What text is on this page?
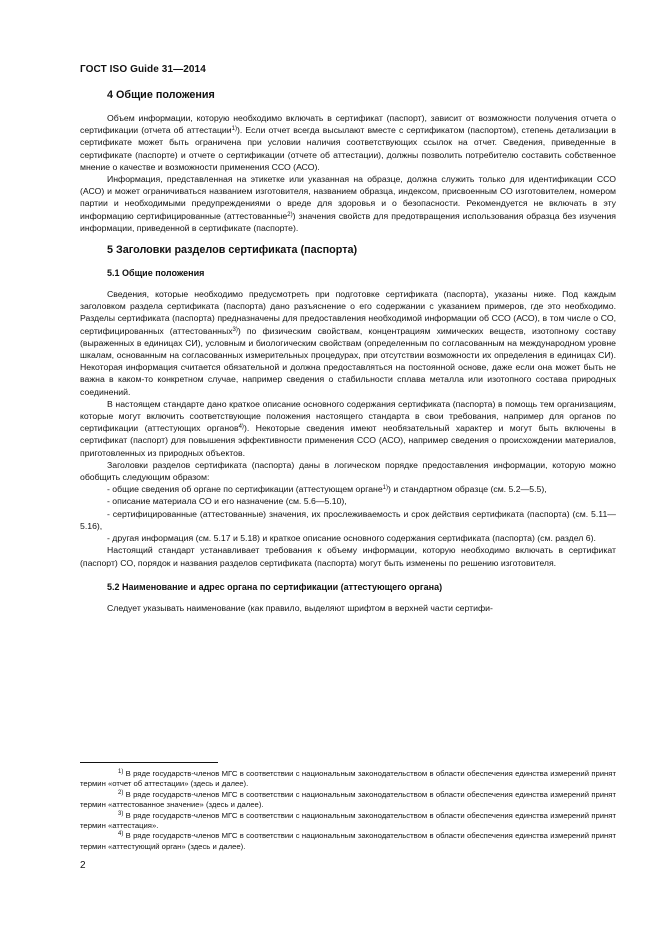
ГОСТ ISO Guide 31—2014
4 Общие положения

Объем информации, которую необходимо включать в сертификат (паспорт), зависит от возможности получения отчета о сертификации (отчета об аттестации$^{1)}$). Если отчет всегда высылают вместе с сертификатом (паспортом), степень детализации в сертификате может быть ограничена при условии наличия соответствующих ссылок на отчет. Сведения, приведенные в сертификате (паспорте) и отчете о сертификации (отчете об аттестации), должны позволить потребителю составить собственное мнение о качестве и возможности применения ССО (АСО).

Информация, представленная на этикетке или указанная на образце, должна служить только для идентификации ССО (АСО) и может ограничиваться названием изготовителя, названием образца, индексом, присвоенным СО изготовителем, номером партии и необходимыми предупреждениями о вреде для здоровья и о безопасности. Рекомендуется не включать в эту информацию сертифицированные (аттестованные$^{2)}$) значения свойств для предотвращения использования образца без изучения информации, приведенной в сертификате (паспорте).

5 Заголовки разделов сертификата (паспорта)
5.1 Общие положения

Сведения, которые необходимо предусмотреть при подготовке сертификата (паспорта), указаны ниже. Под каждым заголовком раздела сертификата (паспорта) дано разъяснение о его содержании с указанием примеров, где это необходимо. Разделы сертификата (паспорта) предназначены для предоставления необходимой информации об ССО (АСО), в том числе о СО, сертифицированных (аттестованных$^{3)}$) по физическим свойствам, концентрациям химических веществ, изотопному составу (выраженных в единицах СИ), условным и биологическим свойствам (определенным по согласованным на международном уровне шкалам, основанным на согласованных измерительных процедурах, при отсутствии возможности их определения в единицах СИ). Некоторая информация считается обязательной и должна предоставляться на постоянной основе, даже если она может быть не важна в каком-то конкретном случае, например сведения о стабильности сплава металла или изотопного состава природных соединений.

В настоящем стандарте дано краткое описание основного содержания сертификата (паспорта) в помощь тем организациям, которые могут включить соответствующие положения настоящего стандарта в свои требования, например для органов по сертификации (аттестующих органов$^{4)}$). Некоторые сведения имеют необязательный характер и могут быть включены в сертификат (паспорт) для повышения эффективности применения ССО (АСО), например сведения о происхождении материалов, приготовленных из природных объектов.

Заголовки разделов сертификата (паспорта) даны в логическом порядке предоставления информации, которую можно обобщить следующим образом:

- общие сведения об органе по сертификации (аттестующем органе$^{1)}$) и стандартном образце (см. 5.2—5.5),

- описание материала СО и его назначение (см. 5.6—5.10),

- сертифицированные (аттестованные) значения, их прослеживаемость и срок действия сертификата (паспорта) (см. 5.11—5.16),

- другая информация (см. 5.17 и 5.18) и краткое описание основного содержания сертификата (паспорта) (см. раздел 6).

Настоящий стандарт устанавливает требования к объему информации, которую необходимо включать в сертификат (паспорт) СО, порядок и названия разделов сертификата (паспорта) могут быть изменены по решению изготовителя.

5.2 Наименование и адрес органа по сертификации (аттестующего органа)

Следует указывать наименование (как правило, выделяют шрифтом в верхней части сертифи-

$^{1)}$ В ряде государств-членов МГС в соответствии с национальным законодательством в области обеспечения единства измерений принят термин «отчет об аттестации» (здесь и далее).
$^{2)}$ В ряде государств-членов МГС в соответствии с национальным законодательством в области обеспечения единства измерений принят термин «аттестованное значение» (здесь и далее).
$^{3)}$ В ряде государств-членов МГС в соответствии с национальным законодательством в области обеспечения единства измерений принят термин «аттестация».
$^{4)}$ В ряде государств-членов МГС в соответствии с национальным законодательством в области обеспечения единства измерений принят термин «аттестующий орган» (здесь и далее).
2
